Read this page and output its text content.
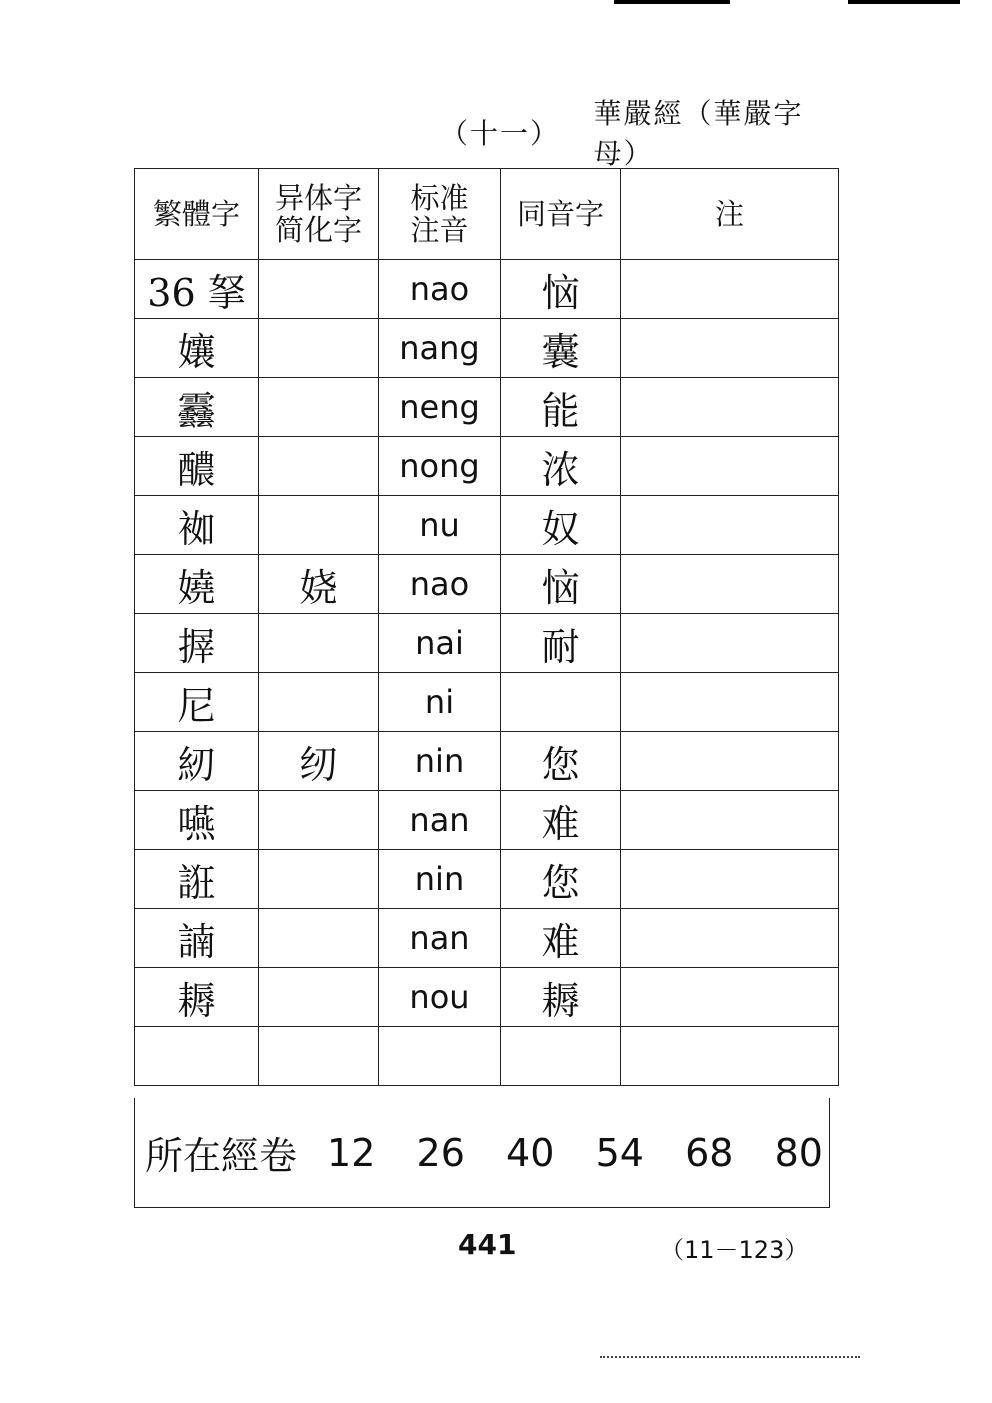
（十一）
華嚴經（華嚴字母）
繁體字	异体字 简化字	标准 注音	同音字	注
36 拏		nao	恼	
孃		nang	囊	
䨺		neng	能	
醲		nong	浓	
袽		nu	奴	
嬈	娆	nao	恼	
搱		nai	耐	
尼		ni		
紉	纫	nin	您	
嚥		nan	难	
誑		nin	您	
諵		nan	难	
耨		nou	耨	

所在經卷 12 26 40 54 68 80
441	（11－123）
